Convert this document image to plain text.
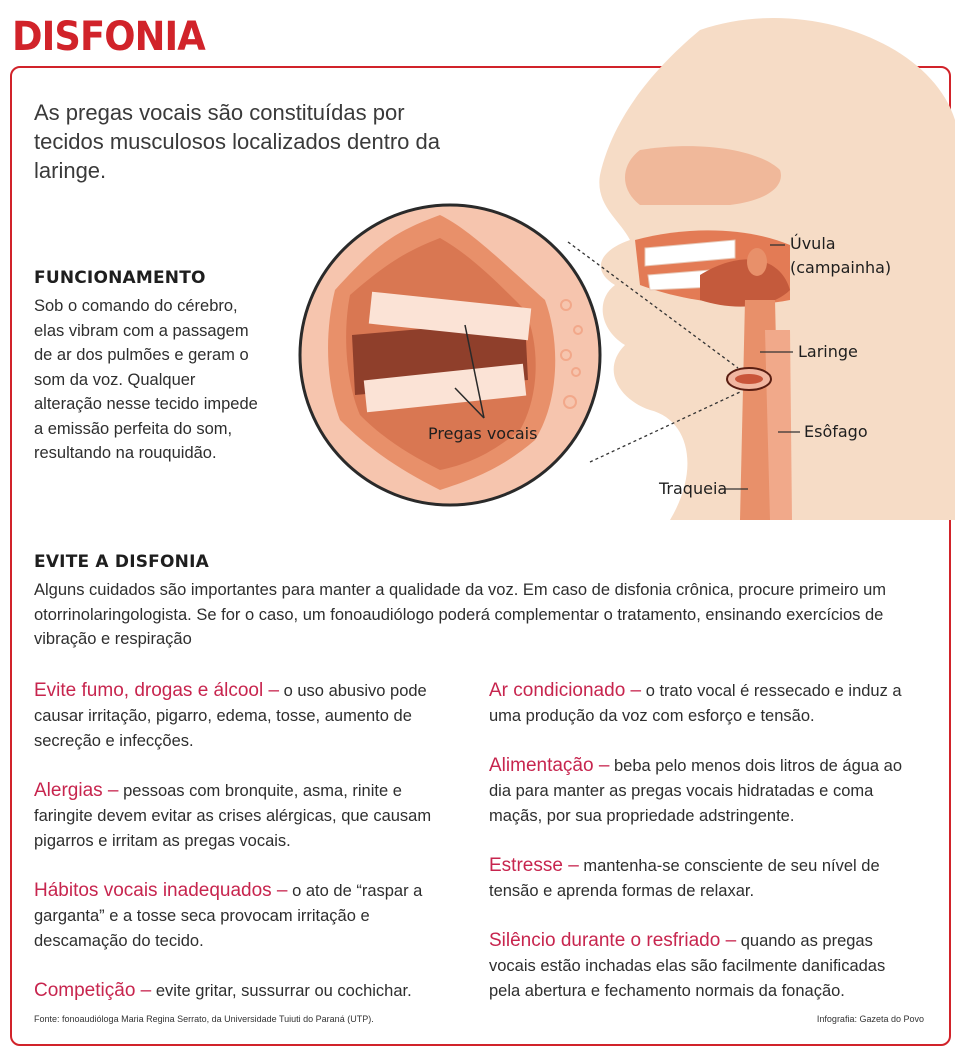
DISFONIA
As pregas vocais são constituídas por tecidos musculosos localizados dentro da laringe.
FUNCIONAMENTO
Sob o comando do cérebro, elas vibram com a passagem de ar dos pulmões e geram o som da voz. Qualquer alteração nesse tecido impede a emissão perfeita do som, resultando na rouquidão.
Pregas vocais
Úvula
(campainha)
Laringe
Esôfago
Traqueia
EVITE A DISFONIA
Alguns cuidados são importantes para manter a qualidade da voz. Em caso de disfonia crônica, procure primeiro um otorrinolaringologista. Se for o caso, um fonoaudiólogo poderá complementar o tratamento, ensinando exercícios de vibração e respiração
Evite fumo, drogas e álcool – o uso abusivo pode causar irritação, pigarro, edema, tosse, aumento de secreção e infecções.
Alergias – pessoas com bronquite, asma, rinite e faringite devem evitar as crises alérgicas, que causam pigarros e irritam as pregas vocais.
Hábitos vocais inadequados – o ato de “raspar a garganta” e a tosse seca provocam irritação e descamação do tecido.
Competição – evite gritar, sussurrar ou cochichar.
Ar condicionado – o trato vocal é ressecado e induz a uma produção da voz com esforço e tensão.
Alimentação – beba pelo menos dois litros de água ao dia para manter as pregas vocais hidratadas e coma maçãs, por sua propriedade adstringente.
Estresse – mantenha-se consciente de seu nível de tensão e aprenda formas de relaxar.
Silêncio durante o resfriado – quando as pregas vocais estão inchadas elas são facilmente danificadas pela abertura e fechamento normais da fonação.
Fonte: fonoaudióloga Maria Regina Serrato, da Universidade Tuiuti do Paraná (UTP).	Infografia: Gazeta do Povo
